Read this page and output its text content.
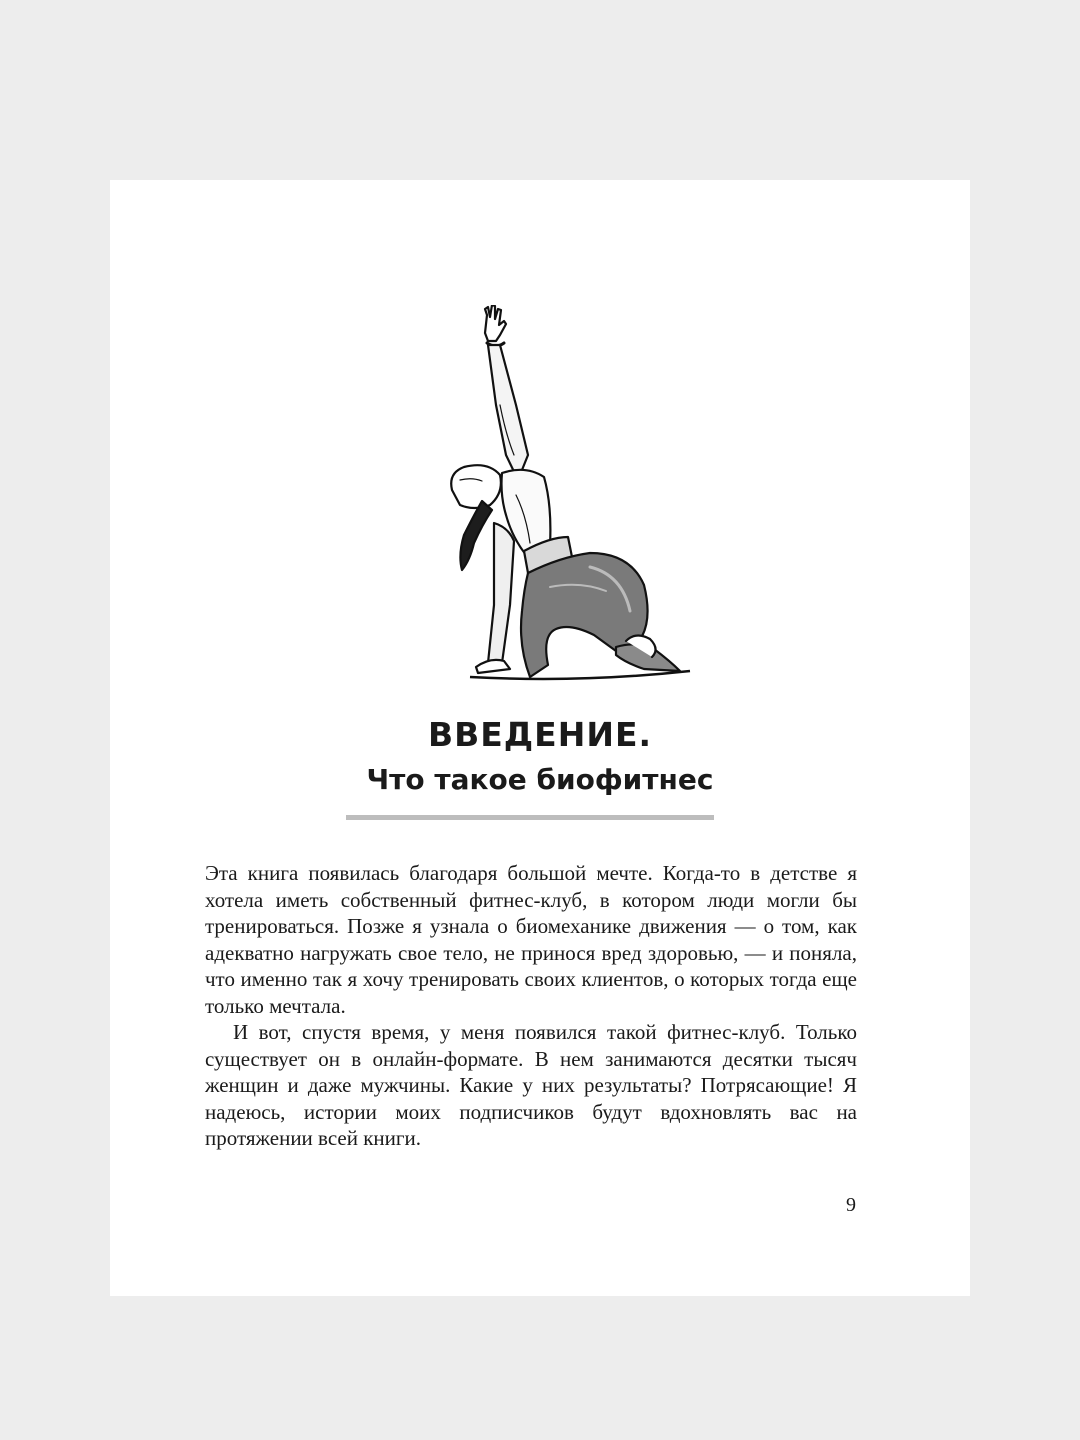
ВВЕДЕНИЕ.
Что такое биофитнес

Эта книга появилась благодаря большой мечте. Когда-то в детстве я хотела иметь собственный фитнес-клуб, в котором люди могли бы тренироваться. Позже я узнала о биомеханике движения — о том, как адекватно нагружать свое тело, не принося вред здоровью, — и поняла, что именно так я хочу тренировать своих клиентов, о которых тогда еще только мечтала.

И вот, спустя время, у меня появился такой фитнес-клуб. Только существует он в онлайн-формате. В нем занимаются десятки тысяч женщин и даже мужчины. Какие у них результаты? Потрясающие! Я надеюсь, истории моих подписчиков будут вдохновлять вас на протяжении всей книги.

9
